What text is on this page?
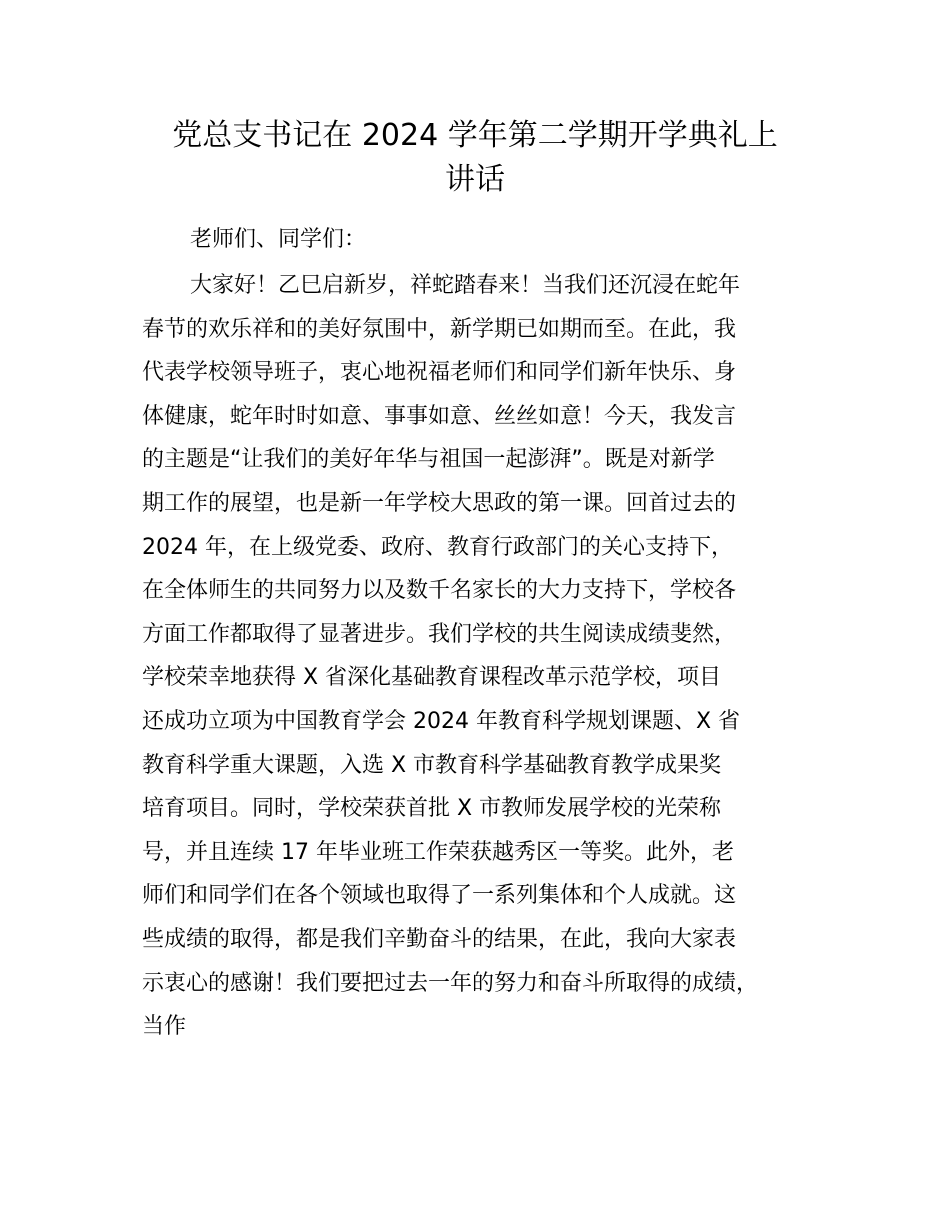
党总支书记在 2024 学年第二学期开学典礼上
讲话

老师们、同学们：

大家好！乙巳启新岁，祥蛇踏春来！当我们还沉浸在蛇年
春节的欢乐祥和的美好氛围中，新学期已如期而至。在此，我
代表学校领导班子，衷心地祝福老师们和同学们新年快乐、身
体健康，蛇年时时如意、事事如意、丝丝如意！今天，我发言
的主题是“让我们的美好年华与祖国一起澎湃”。既是对新学
期工作的展望，也是新一年学校大思政的第一课。回首过去的
2024 年，在上级党委、政府、教育行政部门的关心支持下，
在全体师生的共同努力以及数千名家长的大力支持下，学校各
方面工作都取得了显著进步。我们学校的共生阅读成绩斐然，
学校荣幸地获得 X 省深化基础教育课程改革示范学校，项目
还成功立项为中国教育学会 2024 年教育科学规划课题、X 省
教育科学重大课题，入选 X 市教育科学基础教育教学成果奖
培育项目。同时，学校荣获首批 X 市教师发展学校的光荣称
号，并且连续 17 年毕业班工作荣获越秀区一等奖。此外，老
师们和同学们在各个领域也取得了一系列集体和个人成就。这
些成绩的取得，都是我们辛勤奋斗的结果，在此，我向大家表
示衷心的感谢！我们要把过去一年的努力和奋斗所取得的成绩，
当作
